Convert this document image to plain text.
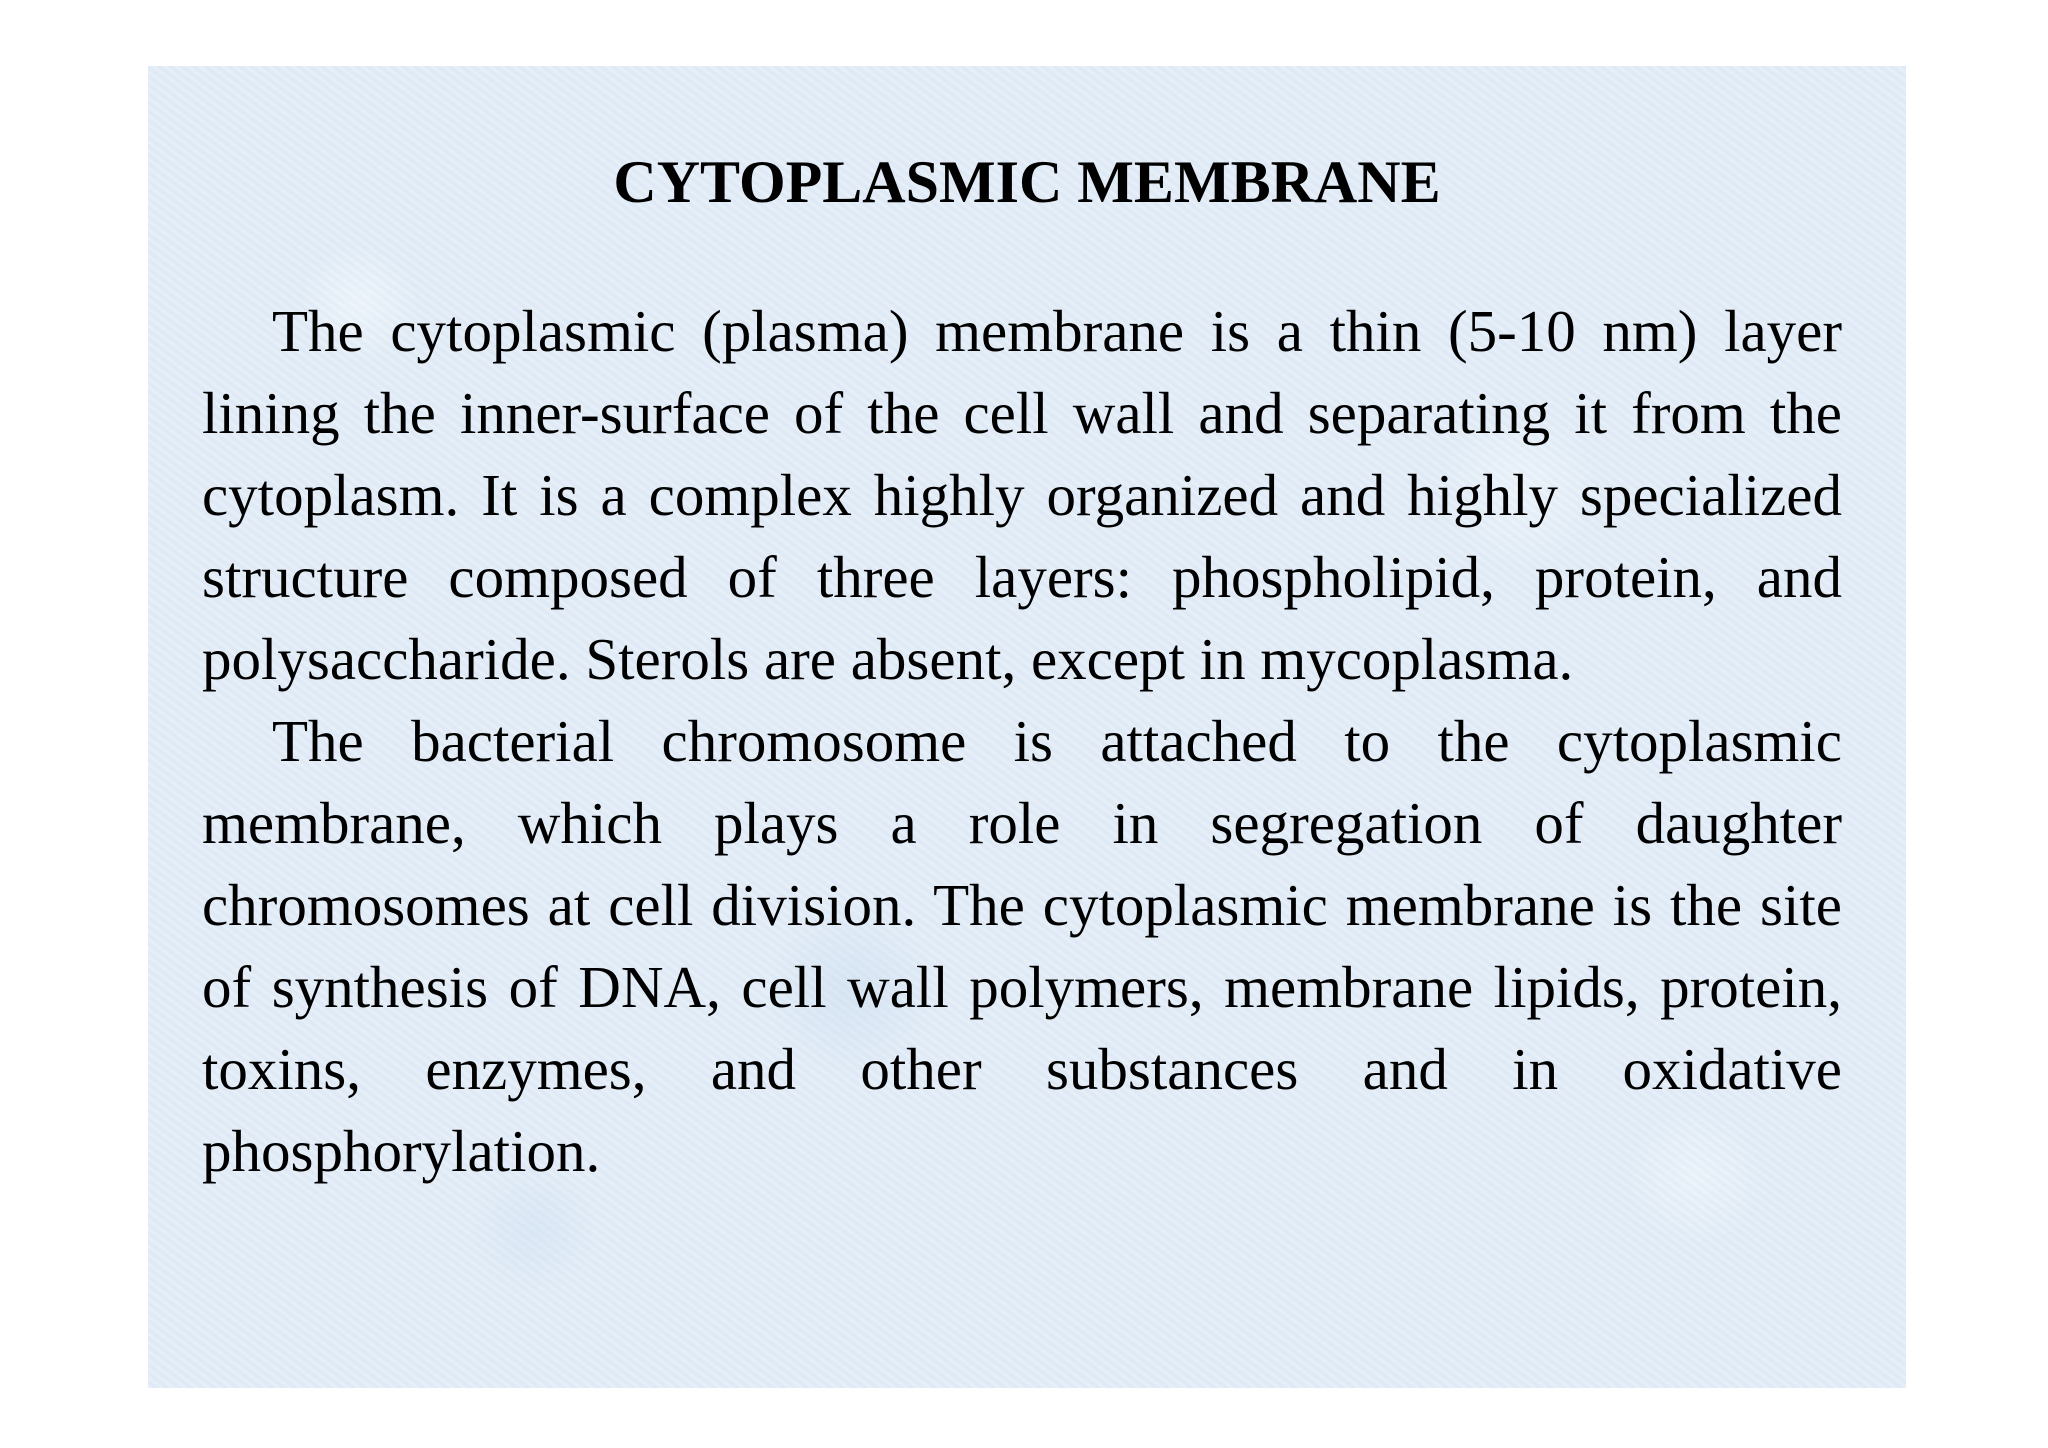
CYTOPLASMIC MEMBRANE

The cytoplasmic (plasma) membrane is a thin (5-10 nm) layer lining the inner-surface of the cell wall and separating it from the cytoplasm. It is a complex highly organized and highly specialized structure composed of three layers: phospholipid, protein, and polysaccharide. Sterols are absent, except in mycoplasma.

The bacterial chromosome is attached to the cytoplasmic membrane, which plays a role in segregation of daughter chromosomes at cell division. The cytoplasmic membrane is the site of synthesis of DNA, cell wall polymers, membrane lipids, protein, toxins, enzymes, and other substances and in oxidative phosphorylation.
